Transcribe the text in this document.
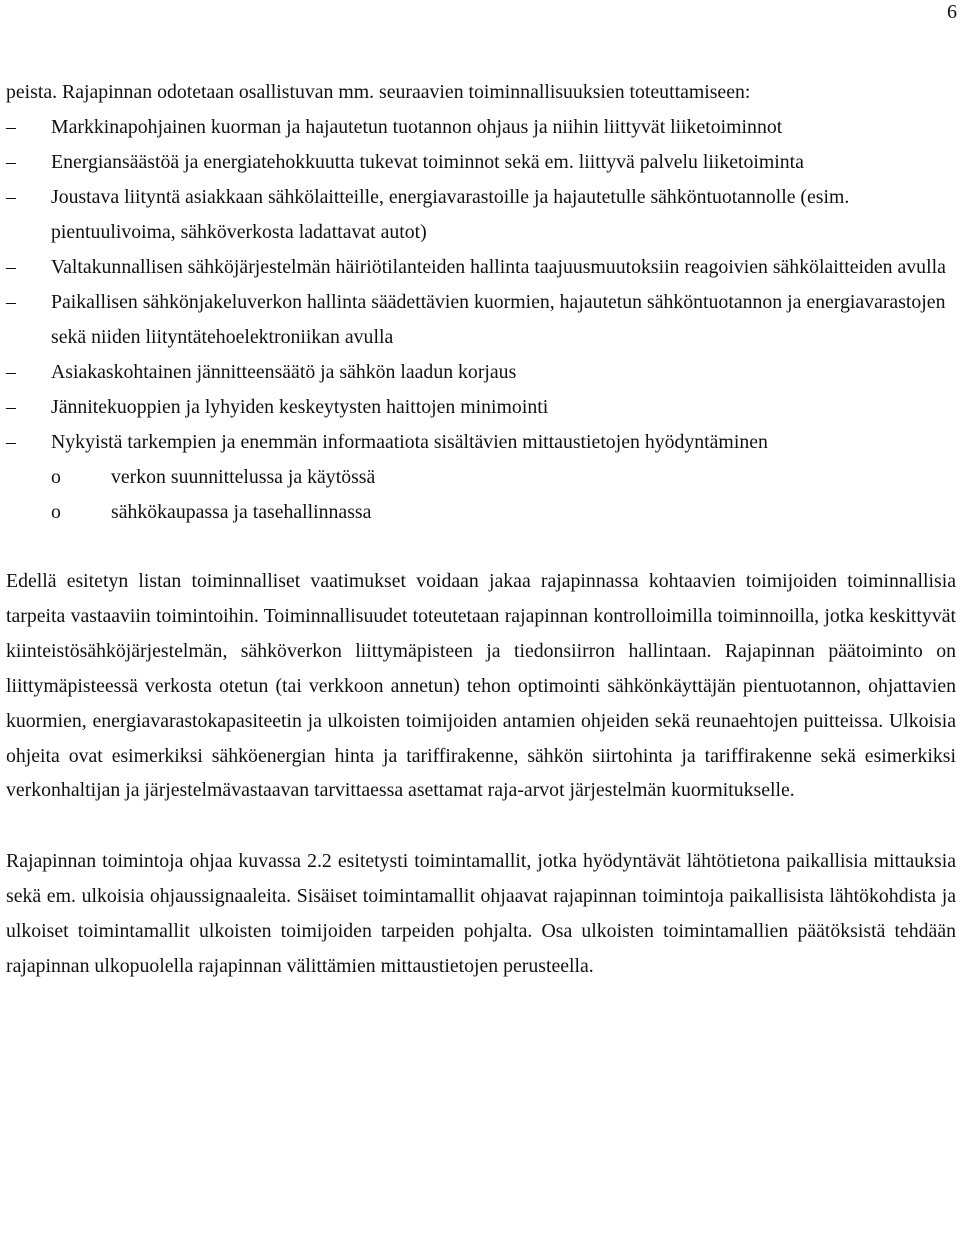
6

peista. Rajapinnan odotetaan osallistuvan mm. seuraavien toiminnallisuuksien toteuttamiseen:

– Markkinapohjainen kuorman ja hajautetun tuotannon ohjaus ja niihin liittyvät liiketoiminnot
– Energiansäästöä ja energiatehokkuutta tukevat toiminnot sekä em. liittyvä palvelu liiketoiminta
– Joustava liityntä asiakkaan sähkölaitteille, energiavarastoille ja hajautetulle sähköntuotannolle (esim. pientuulivoima, sähköverkosta ladattavat autot)
– Valtakunnallisen sähköjärjestelmän häiriötilanteiden hallinta taajuusmuutoksiin reagoivien sähkölaitteiden avulla
– Paikallisen sähkönjakeluverkon hallinta säädettävien kuormien, hajautetun sähköntuotannon ja energiavarastojen sekä niiden liityntätehoelektroniikan avulla
– Asiakaskohtainen jännitteensäätö ja sähkön laadun korjaus
– Jännitekuoppien ja lyhyiden keskeytysten haittojen minimointi
– Nykyistä tarkempien ja enemmän informaatiota sisältävien mittaustietojen hyödyntäminen
o	verkon suunnittelussa ja käytössä
o	sähkökaupassa ja tasehallinnassa

Edellä esitetyn listan toiminnalliset vaatimukset voidaan jakaa rajapinnassa kohtaavien toimijoiden toiminnallisia tarpeita vastaaviin toimintoihin. Toiminnallisuudet toteutetaan rajapinnan kontrolloimilla toiminnoilla, jotka keskittyvät kiinteistösähköjärjestelmän, sähköverkon liittymäpisteen ja tiedonsiirron hallintaan. Rajapinnan päätoiminto on liittymäpisteessä verkosta otetun (tai verkkoon annetun) tehon optimointi sähkönkäyttäjän pientuotannon, ohjattavien kuormien, energiavarastokapasiteetin ja ulkoisten toimijoiden antamien ohjeiden sekä reunaehtojen puitteissa. Ulkoisia ohjeita ovat esimerkiksi sähköenergian hinta ja tariffirakenne, sähkön siirtohinta ja tariffirakenne sekä esimerkiksi verkonhaltijan ja järjestelmävastaavan tarvittaessa asettamat raja-arvot järjestelmän kuormitukselle.

Rajapinnan toimintoja ohjaa kuvassa 2.2 esitetysti toimintamallit, jotka hyödyntävät lähtötietona paikallisia mittauksia sekä em. ulkoisia ohjaussignaaleita. Sisäiset toimintamallit ohjaavat rajapinnan toimintoja paikallisista lähtökohdista ja ulkoiset toimintamallit ulkoisten toimijoiden tarpeiden pohjalta. Osa ulkoisten toimintamallien päätöksistä tehdään rajapinnan ulkopuolella rajapinnan välittämien mittaustietojen perusteella.
